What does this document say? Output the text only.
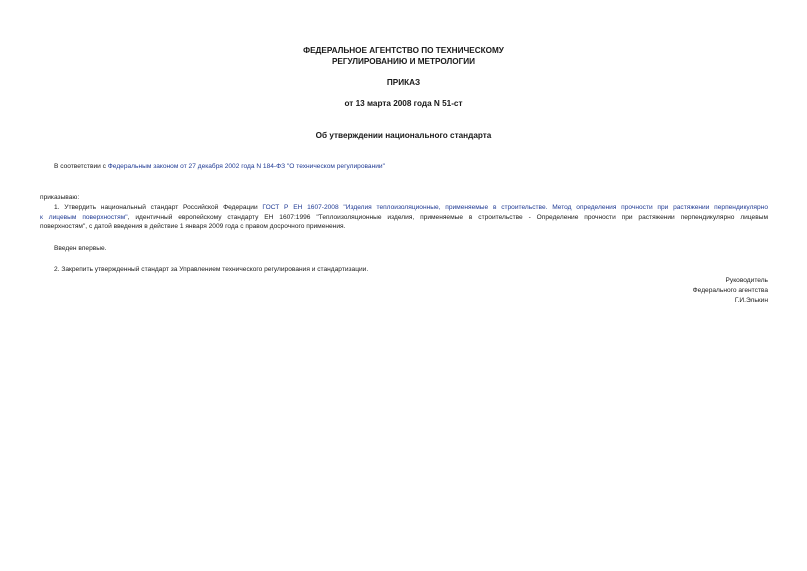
ФЕДЕРАЛЬНОЕ АГЕНТСТВО ПО ТЕХНИЧЕСКОМУ
РЕГУЛИРОВАНИЮ И МЕТРОЛОГИИ
ПРИКАЗ
от 13 марта 2008 года N 51-ст
Об утверждении национального стандарта
В соответствии с Федеральным законом от 27 декабря 2002 года N 184-ФЗ "О техническом регулировании"
приказываю:
1. Утвердить национальный стандарт Российской Федерации ГОСТ Р ЕН 1607-2008 "Изделия теплоизоляционные, применяемые в строительстве. Метод определения прочности при растяжении перпендикулярно
к лицевым поверхностям", идентичный европейскому стандарту ЕН 1607:1996 "Теплоизоляционные изделия, применяемые в строительстве - Определение прочности при растяжении перпендикулярно лицевым
поверхностям", с датой введения в действие 1 января 2009 года с правом досрочного применения.
Введен впервые.
2. Закрепить утвержденный стандарт за Управлением технического регулирования и стандартизации.
Руководитель
Федерального агентства
Г.И.Элькин
